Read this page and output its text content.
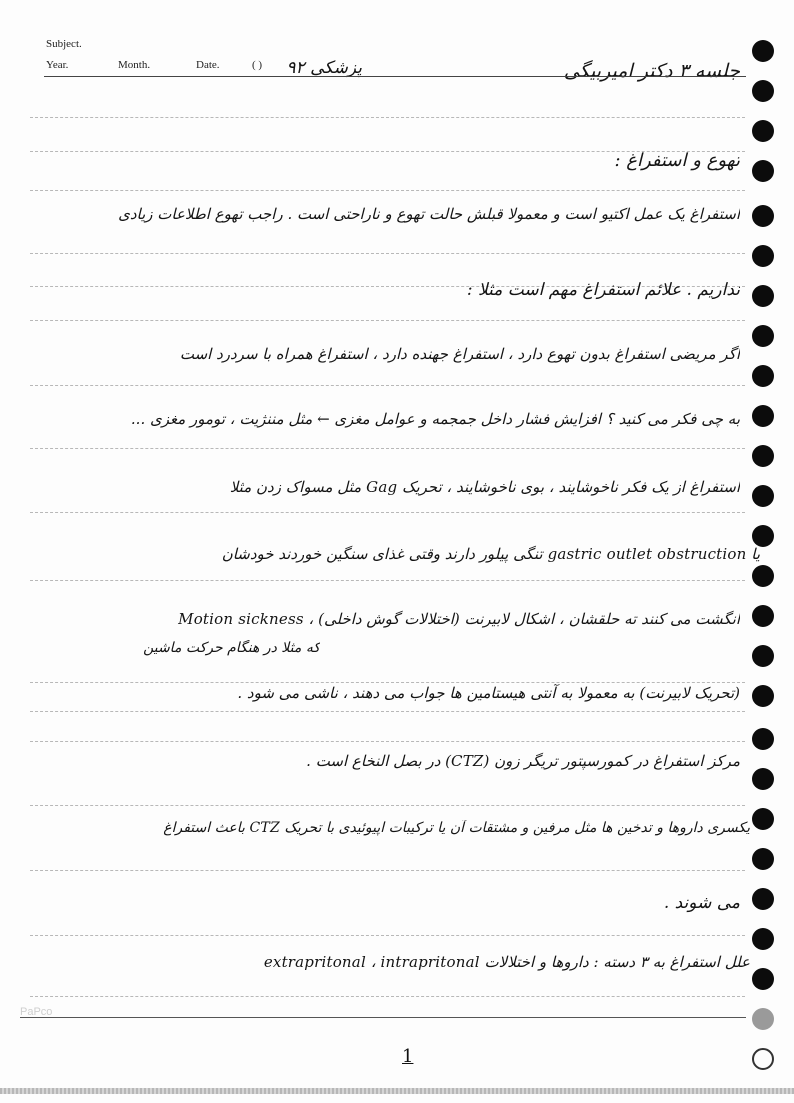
Subject.
Year.	Month.	Date.	( )	پزشکی ۹۲	جلسه ۳ دکتر امیربیگی
تهوع و استفراغ :
استفراغ یک عمل اکتیو است و معمولا قبلش حالت تهوع و ناراحتی است . راجب تهوع اطلاعات زیادی
نداریم . علائم استفراغ مهم است مثلا :
اگر مریضی استفراغ بدون تهوع دارد ، استفراغ جهنده دارد ، استفراغ همراه با سردرد است
به چی فکر می کنید ؟ افزایش فشار داخل جمجمه و عوامل مغزی ← مثل مننژیت ، تومور مغزی ...
استفراغ از یک فکر ناخوشایند ، بوی ناخوشایند ، تحریک Gag مثل مسواک زدن مثلا
یا gastric outlet obstruction تنگی پیلور دارند وقتی غذای سنگین خوردند خودشان
انگشت می کنند ته حلقشان ، اشکال لابیرنت (اختلالات گوش داخلی) ، Motion sickness
که مثلا در هنگام حرکت ماشین
(تحریک لابیرنت) به معمولا به آنتی هیستامین ها جواب می دهند ، ناشی می شود .
مرکز استفراغ در کمورسپتور تریگر زون (CTZ) در بصل النخاع است .
یکسری داروها و تدخین ها مثل مرفین و مشتقات آن یا ترکیبات اپیوئیدی با تحریک CTZ باعث استفراغ
می شوند .
علل استفراغ به ۳ دسته : داروها و اختلالات extrapritonal ، intrapritonal
PaPco
1
